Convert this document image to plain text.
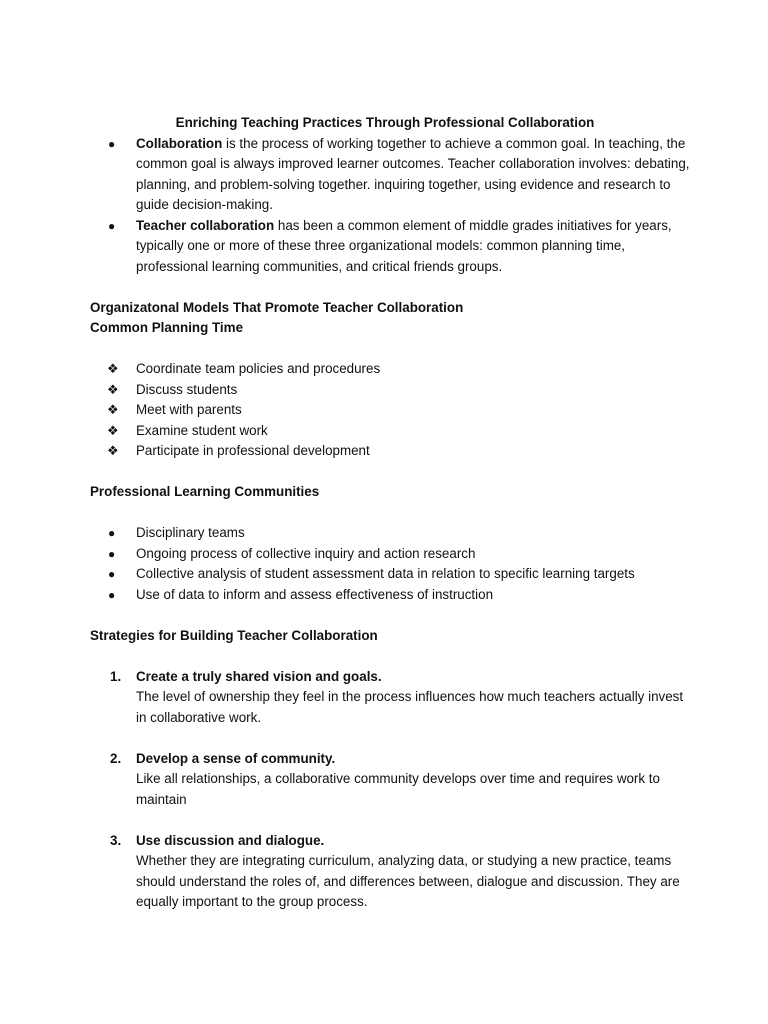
Enriching Teaching Practices Through Professional Collaboration

●	Collaboration is the process of working together to achieve a common goal. In teaching, the common goal is always improved learner outcomes. Teacher collaboration involves: debating, planning, and problem-solving together. inquiring together, using evidence and research to guide decision-making.
●	Teacher collaboration has been a common element of middle grades initiatives for years, typically one or more of these three organizational models: common planning time, professional learning communities, and critical friends groups.

Organizatonal Models That Promote Teacher Collaboration

Common Planning Time

❖	Coordinate team policies and procedures
❖	Discuss students
❖	Meet with parents
❖	Examine student work
❖	Participate in professional development

Professional Learning Communities

●	Disciplinary teams
●	Ongoing process of collective inquiry and action research
●	Collective analysis of student assessment data in relation to specific learning targets
●	Use of data to inform and assess effectiveness of instruction

Strategies for Building Teacher Collaboration

1. Create a truly shared vision and goals.
The level of ownership they feel in the process influences how much teachers actually invest in collaborative work.
2. Develop a sense of community.
Like all relationships, a collaborative community develops over time and requires work to maintain
3. Use discussion and dialogue.
Whether they are integrating curriculum, analyzing data, or studying a new practice, teams should understand the roles of, and differences between, dialogue and discussion. They are equally important to the group process.
